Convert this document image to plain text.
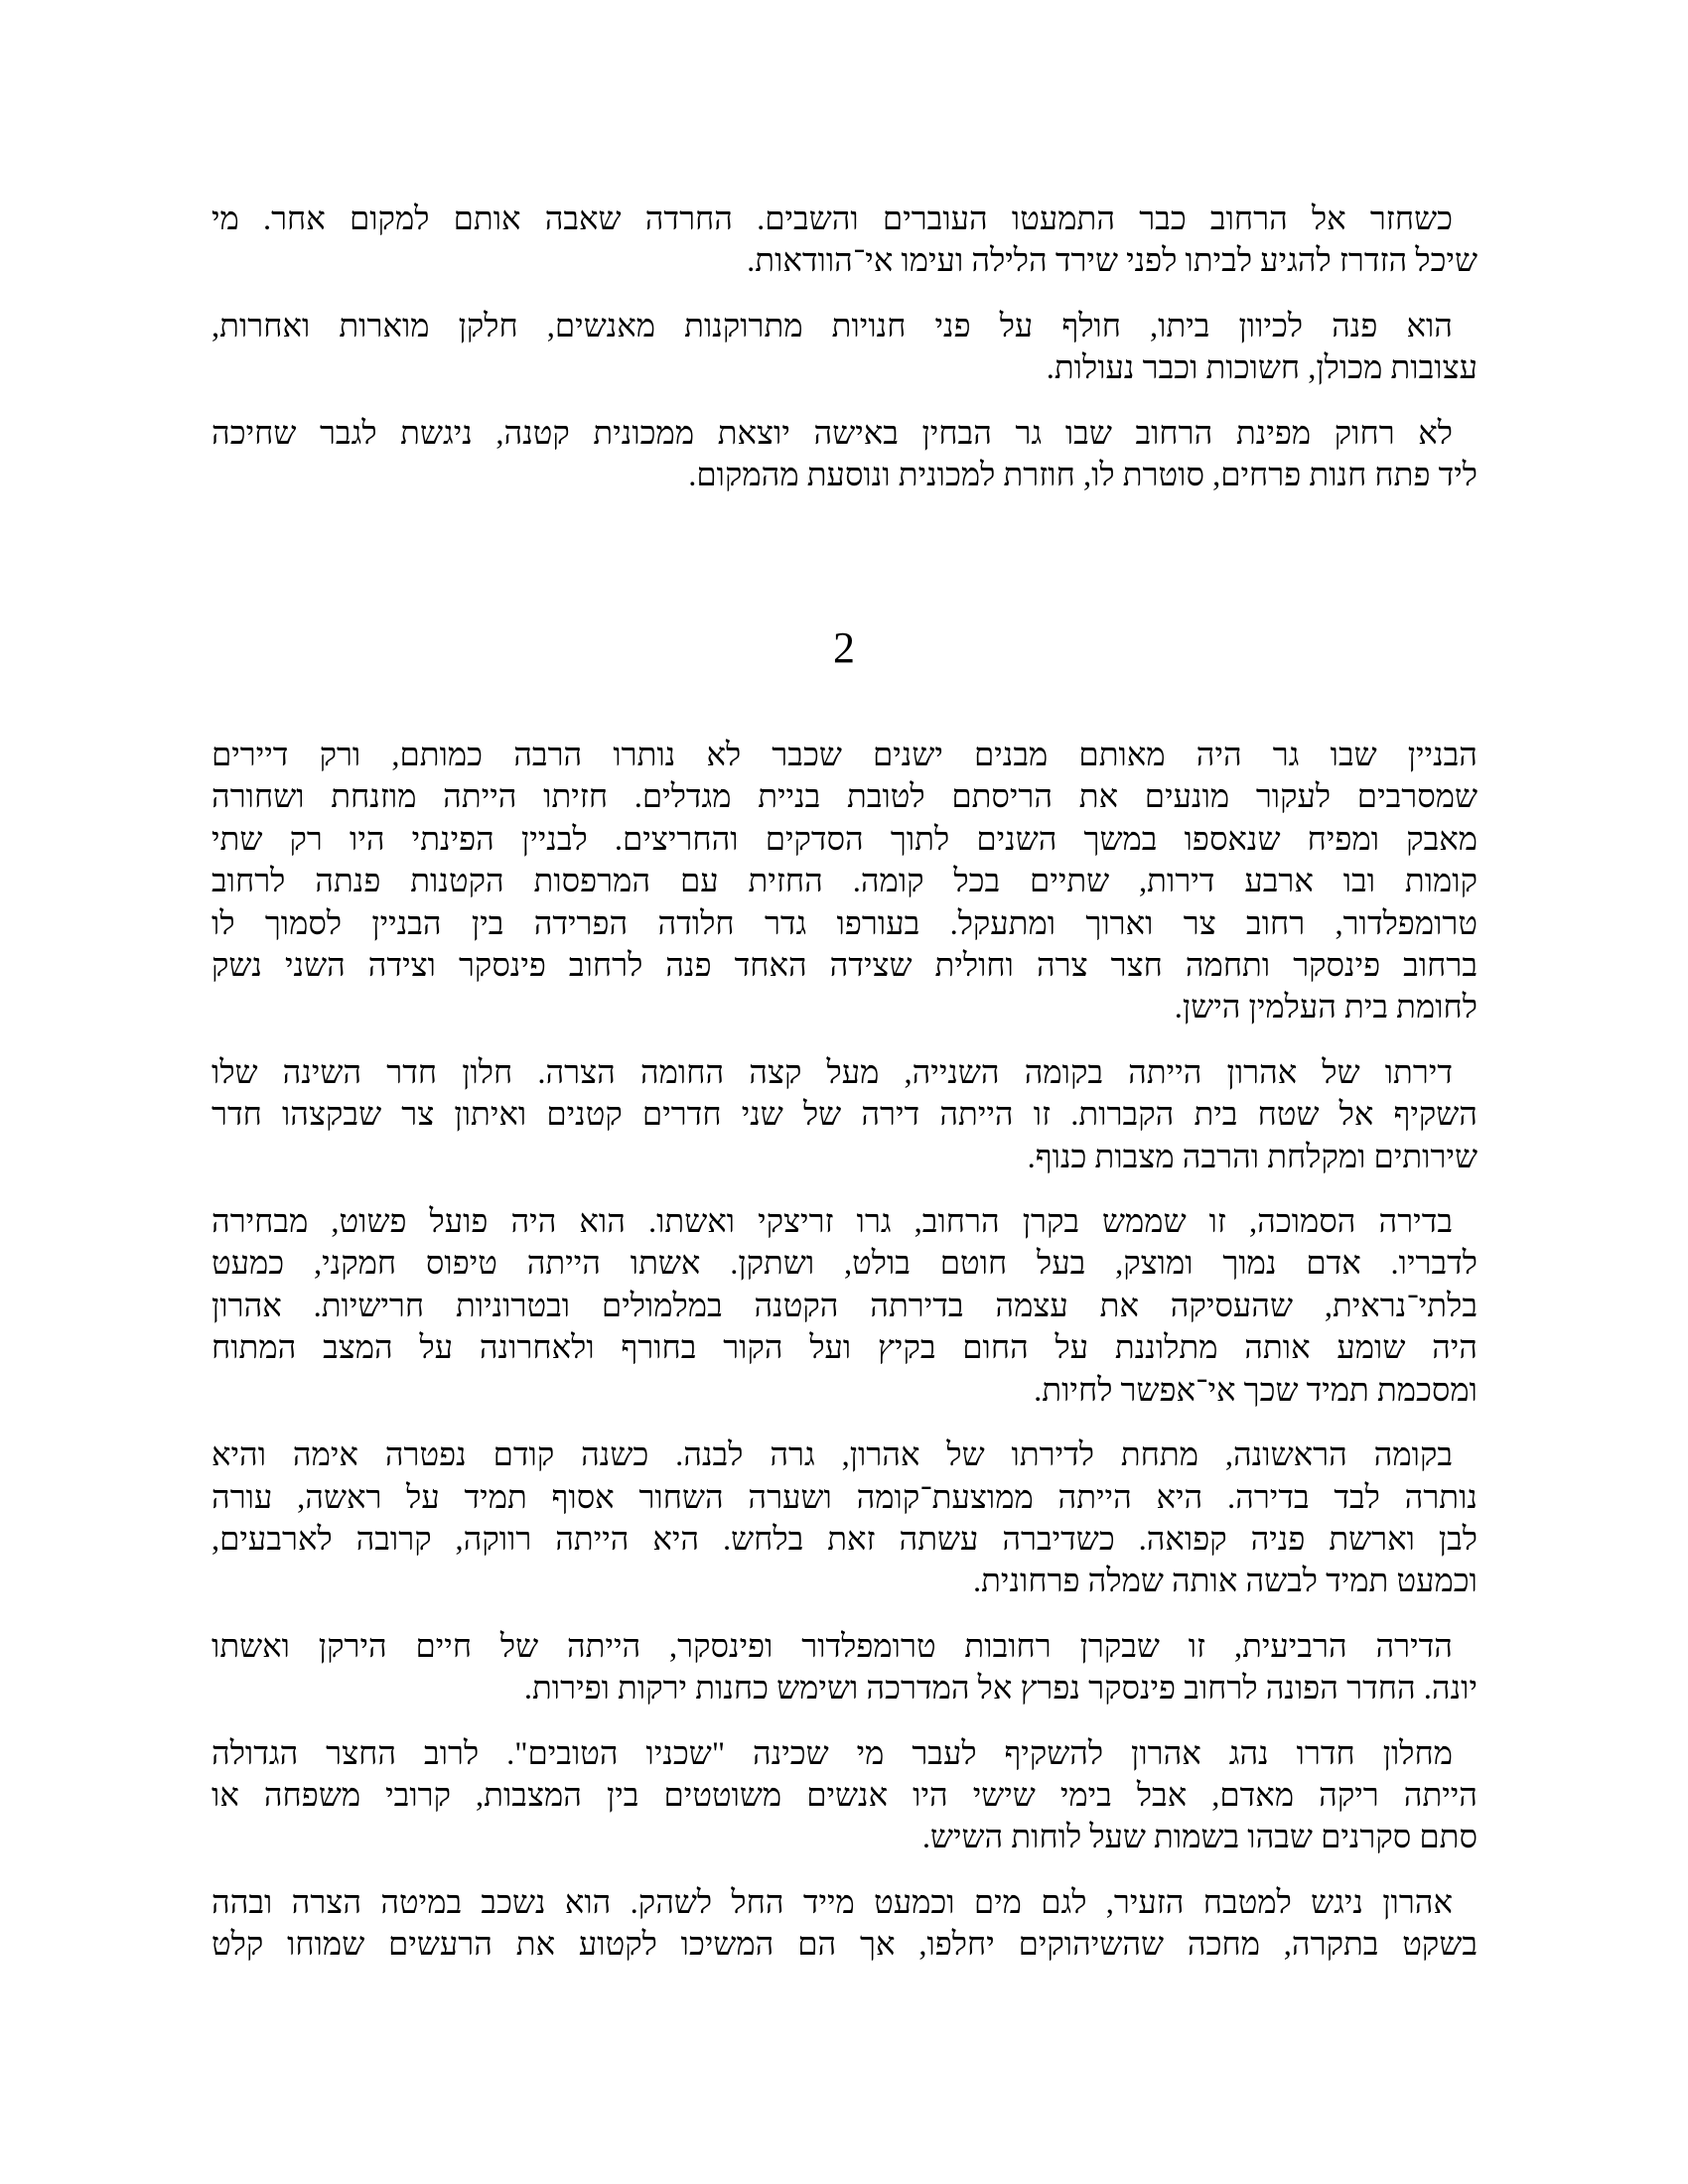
כשחזר אל הרחוב כבר התמעטו העוברים והשבים. החרדה שאבה אותם למקום אחר. מי
שיכל הזדרז להגיע לביתו לפני שירד הלילה ועימו אי־הוודאות.
הוא פנה לכיוון ביתו, חולף על פני חנויות מתרוקנות מאנשים, חלקן מוארות ואחרות,
עצובות מכולן, חשוכות וכבר נעולות.
לא רחוק מפינת הרחוב שבו גר הבחין באישה יוצאת ממכונית קטנה, ניגשת לגבר שחיכה
ליד פתח חנות פרחים, סוטרת לו, חוזרת למכונית ונוסעת מהמקום.
2
הבניין שבו גר היה מאותם מבנים ישנים שכבר לא נותרו הרבה כמותם, ורק דיירים
שמסרבים לעקור מונעים את הריסתם לטובת בניית מגדלים. חזיתו הייתה מוזנחת ושחורה
מאבק ומפיח שנאספו במשך השנים לתוך הסדקים והחריצים. לבניין הפינתי היו רק שתי
קומות ובו ארבע דירות, שתיים בכל קומה. החזית עם המרפסות הקטנות פנתה לרחוב
טרומפלדור, רחוב צר וארוך ומתעקל. בעורפו גדר חלודה הפרידה בין הבניין לסמוך לו
ברחוב פינסקר ותחמה חצר צרה וחולית שצידה האחד פנה לרחוב פינסקר וצידה השני נשק
לחומת בית העלמין הישן.
דירתו של אהרון הייתה בקומה השנייה, מעל קצה החומה הצרה. חלון חדר השינה שלו
השקיף אל שטח בית הקברות. זו הייתה דירה של שני חדרים קטנים ואיתון צר שבקצהו חדר
שירותים ומקלחת והרבה מצבות כנוף.
בדירה הסמוכה, זו שממש בקרן הרחוב, גרו זריצקי ואשתו. הוא היה פועל פשוט, מבחירה
לדבריו. אדם נמוך ומוצק, בעל חוטם בולט, ושתקן. אשתו הייתה טיפוס חמקני, כמעט
בלתי־נראית, שהעסיקה את עצמה בדירתה הקטנה במלמולים ובטרוניות חרישיות. אהרון
היה שומע אותה מתלוננת על החום בקיץ ועל הקור בחורף ולאחרונה על המצב המתוח
ומסכמת תמיד שכך אי־אפשר לחיות.
בקומה הראשונה, מתחת לדירתו של אהרון, גרה לבנה. כשנה קודם נפטרה אימה והיא
נותרה לבד בדירה. היא הייתה ממוצעת־קומה ושערה השחור אסוף תמיד על ראשה, עורה
לבן וארשת פניה קפואה. כשדיברה עשתה זאת בלחש. היא הייתה רווקה, קרובה לארבעים,
וכמעט תמיד לבשה אותה שמלה פרחונית.
הדירה הרביעית, זו שבקרן רחובות טרומפלדור ופינסקר, הייתה של חיים הירקן ואשתו
יונה. החדר הפונה לרחוב פינסקר נפרץ אל המדרכה ושימש כחנות ירקות ופירות.
מחלון חדרו נהג אהרון להשקיף לעבר מי שכינה "שכניו הטובים". לרוב החצר הגדולה
הייתה ריקה מאדם, אבל בימי שישי היו אנשים משוטטים בין המצבות, קרובי משפחה או
סתם סקרנים שבהו בשמות שעל לוחות השיש.
אהרון ניגש למטבח הזעיר, לגם מים וכמעט מייד החל לשהק. הוא נשכב במיטה הצרה ובהה
בשקט בתקרה, מחכה שהשיהוקים יחלפו, אך הם המשיכו לקטוע את הרעשים שמוחו קלט
